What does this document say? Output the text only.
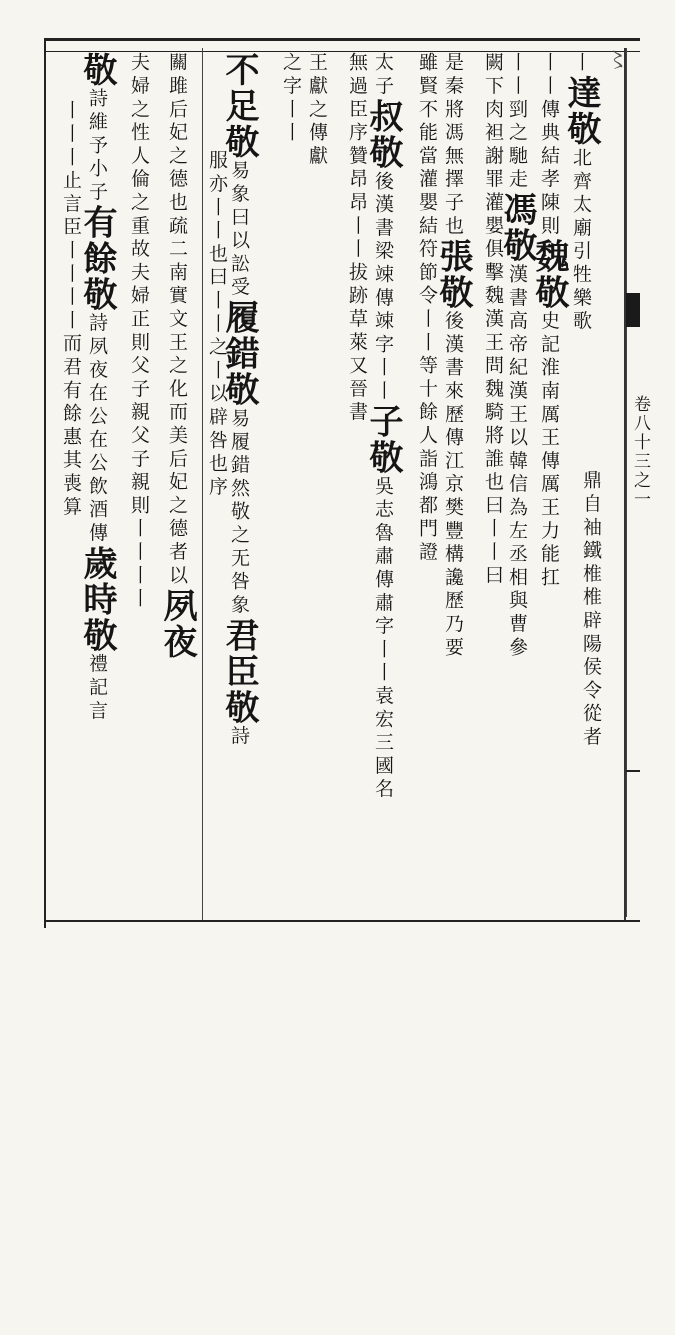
卷八十三之一
〻
丨達敬北齊太廟引牲樂歌
丨丨傳典結孝陳則魏敬史記淮南厲王傳厲王力能扛
鼎自袖鐵椎椎辟陽侯令從者
丨丨剄之馳走馮敬漢書高帝紀漢王以韓信為左丞相與曹參
闕下肉袒謝罪灌嬰俱擊魏漢王問魏騎將誰也曰丨丨曰
是秦將馮無擇子也張敬後漢書來歷傳江京樊豐構讒歷乃要
雖賢不能當灌嬰結符節令丨丨等十餘人詣鴻都門證
太子叔敬後漢書梁竦傳竦字丨丨子敬吳志魯肅傳肅字丨丨袁宏三國名
無過臣序贊昂昂丨丨拔跡草萊又晉書
王獻之傳獻
之字丨丨
不足敬易象曰以訟受履錯敬易履錯然敬之无咎象君臣敬詩
服亦丨丨也曰丨丨之丨以辟咎也序
關雎后妃之德也疏二南實文王之化而美后妃之德者以夙夜
夫婦之性人倫之重故夫婦正則父子親父子親則丨丨丨丨
敬詩維予小子有餘敬詩夙夜在公在公飲酒傳歲時敬禮記言
丨丨丨止言臣丨丨丨丨而君有餘惠其喪算
